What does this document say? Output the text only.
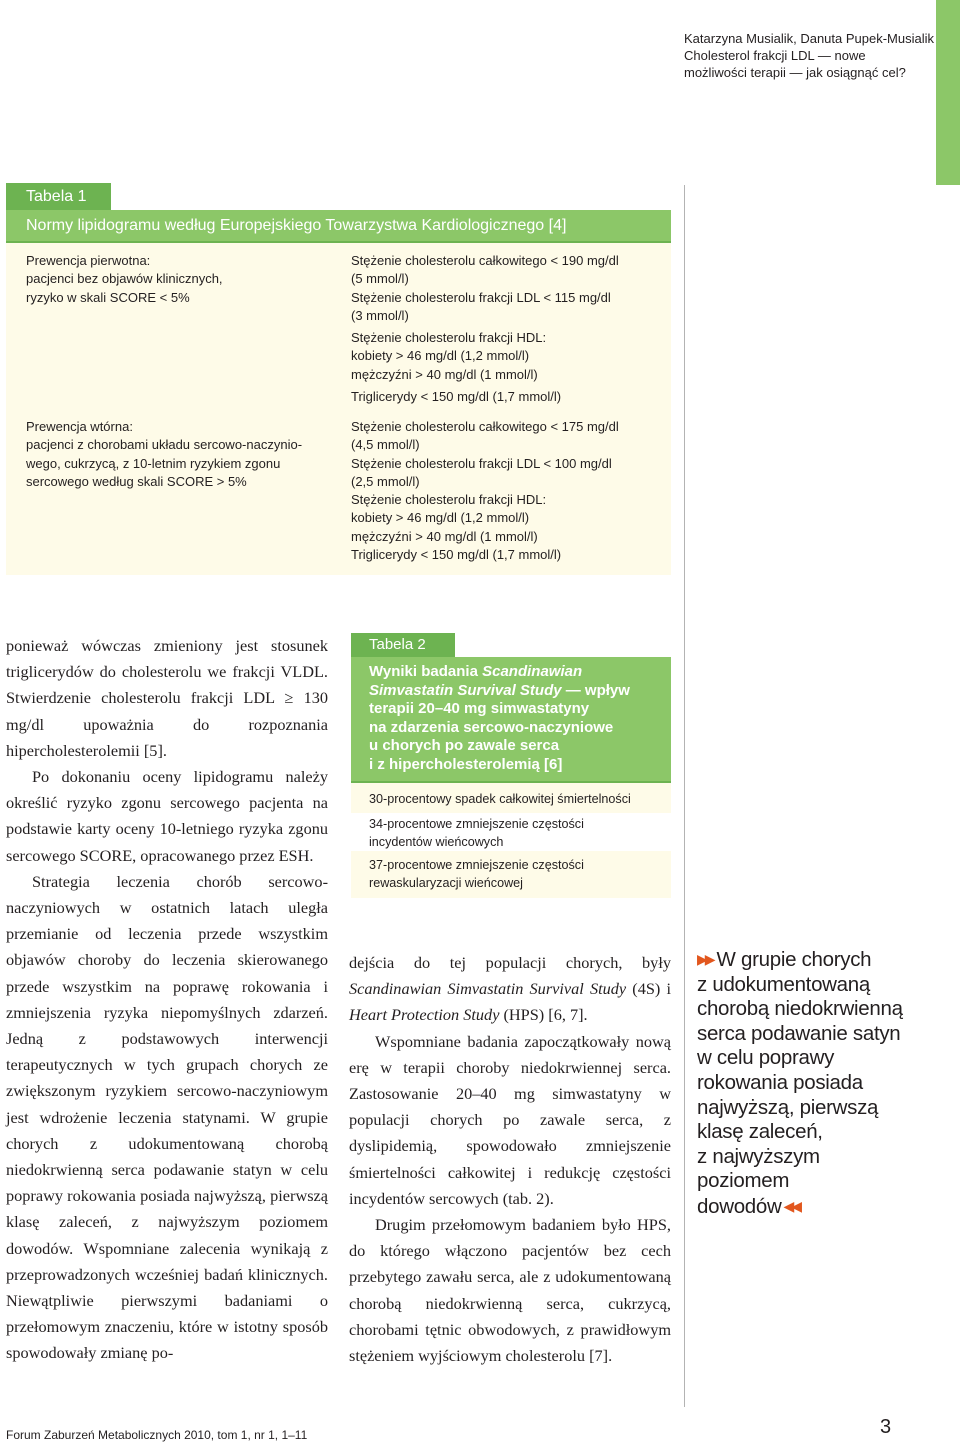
Katarzyna Musialik, Danuta Pupek-Musialik
Cholesterol frakcji LDL — nowe
możliwości terapii — jak osiągnąć cel?
Tabela 1
Normy lipidogramu według Europejskiego Towarzystwa Kardiologicznego [4]
Prewencja pierwotna:
pacjenci bez objawów klinicznych,
ryzyko w skali SCORE < 5%
Stężenie cholesterolu całkowitego < 190 mg/dl
(5 mmol/l)
Stężenie cholesterolu frakcji LDL < 115 mg/dl
(3 mmol/l)
Stężenie cholesterolu frakcji HDL:
kobiety > 46 mg/dl (1,2 mmol/l)
mężczyźni > 40 mg/dl (1 mmol/l)
Triglicerydy < 150 mg/dl (1,7 mmol/l)
Prewencja wtórna:
pacjenci z chorobami układu sercowo-naczynio-
wego, cukrzycą, z 10-letnim ryzykiem zgonu
sercowego według skali SCORE > 5%
Stężenie cholesterolu całkowitego < 175 mg/dl
(4,5 mmol/l)
Stężenie cholesterolu frakcji LDL < 100 mg/dl
(2,5 mmol/l)
Stężenie cholesterolu frakcji HDL:
kobiety > 46 mg/dl (1,2 mmol/l)
mężczyźni > 40 mg/dl (1 mmol/l)
Triglicerydy < 150 mg/dl (1,7 mmol/l)

ponieważ wówczas zmieniony jest stosunek triglicerydów do cholesterolu we frakcji VLDL. Stwierdzenie cholesterolu frakcji LDL ≥ 130 mg/dl upoważnia do rozpoznania hipercholesterolemii [5].

Po dokonaniu oceny lipidogramu należy określić ryzyko zgonu sercowego pacjenta na podstawie karty oceny 10-letniego ryzyka zgonu sercowego SCORE, opracowanego przez ESH.

Strategia leczenia chorób sercowo-naczyniowych w ostatnich latach uległa przemianie od leczenia przede wszystkim objawów choroby do leczenia skierowanego przede wszystkim na poprawę rokowania i zmniejszenia ryzyka niepomyślnych zdarzeń. Jedną z podstawowych interwencji terapeutycznych w tych grupach chorych ze zwiększonym ryzykiem sercowo-naczyniowym jest wdrożenie leczenia statynami. W grupie chorych z udokumentowaną chorobą niedokrwienną serca podawanie statyn w celu poprawy rokowania posiada najwyższą, pierwszą klasę zaleceń, z najwyższym poziomem dowodów. Wspomniane zalecenia wynikają z przeprowadzonych wcześniej badań klinicznych. Niewątpliwie pierwszymi badaniami o przełomowym znaczeniu, które w istotny sposób spowodowały zmianę po-

Tabela 2
Wyniki badania Scandinawian
Simvastatin Survival Study — wpływ
terapii 20–40 mg simwastatyny
na zdarzenia sercowo-naczyniowe
u chorych po zawale serca
i z hipercholesterolemią [6]
30-procentowy spadek całkowitej śmiertelności
34-procentowe zmniejszenie częstości
incydentów wieńcowych
37-procentowe zmniejszenie częstości
rewaskularyzacji wieńcowej

dejścia do tej populacji chorych, były Scandinawian Simvastatin Survival Study (4S) i Heart Protection Study (HPS) [6, 7].

Wspomniane badania zapoczątkowały nową erę w terapii choroby niedokrwiennej serca. Zastosowanie 20–40 mg simwastatyny w populacji chorych po zawale serca, z dyslipidemią, spowodowało zmniejszenie śmiertelności całkowitej i redukcję częstości incydentów sercowych (tab. 2).

Drugim przełomowym badaniem było HPS, do którego włączono pacjentów bez cech przebytego zawału serca, ale z udokumentowaną chorobą niedokrwienną serca, cukrzycą, chorobami tętnic obwodowych, z prawidłowym stężeniem wyjściowym cholesterolu [7].

▶▶ W grupie chorych
z udokumentowaną
chorobą niedokrwienną
serca podawanie satyn
w celu poprawy
rokowania posiada
najwyższą, pierwszą
klasę zaleceń,
z najwyższym
poziomem
dowodów ◀◀
Forum Zaburzeń Metabolicznych 2010, tom 1, nr 1, 1–11	3
